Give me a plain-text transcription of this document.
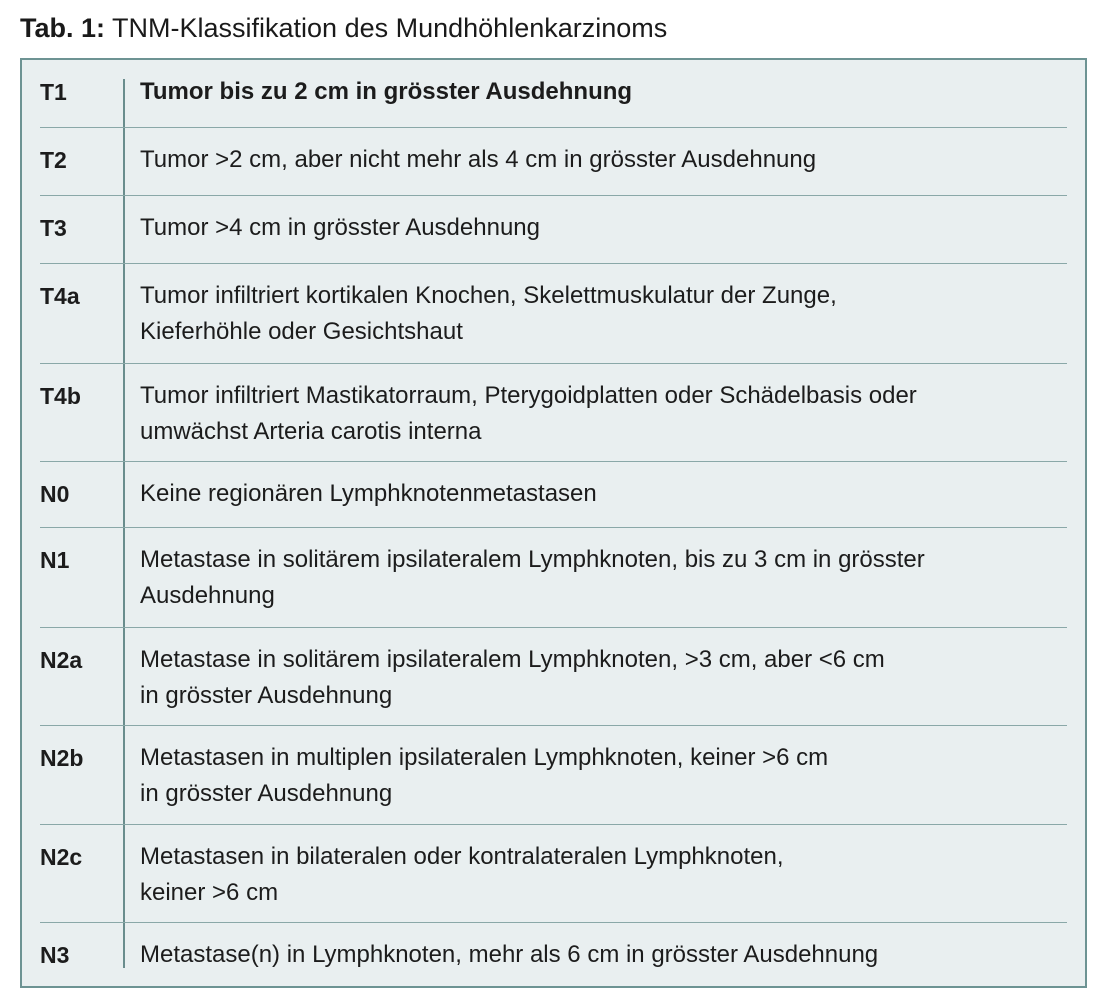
Tab. 1: TNM-Klassifikation des Mundhöhlenkarzinoms
T1	Tumor bis zu 2 cm in grösster Ausdehnung
T2	Tumor >2 cm, aber nicht mehr als 4 cm in grösster Ausdehnung
T3	Tumor >4 cm in grösster Ausdehnung
T4a	Tumor infiltriert kortikalen Knochen, Skelettmuskulatur der Zunge,
Kieferhöhle oder Gesichtshaut
T4b	Tumor infiltriert Mastikatorraum, Pterygoidplatten oder Schädelbasis oder
umwächst Arteria carotis interna
N0	Keine regionären Lymphknotenmetastasen
N1	Metastase in solitärem ipsilateralem Lymphknoten, bis zu 3 cm in grösster
Ausdehnung
N2a	Metastase in solitärem ipsilateralem Lymphknoten, >3 cm, aber <6 cm
in grösster Ausdehnung
N2b	Metastasen in multiplen ipsilateralen Lymphknoten, keiner >6 cm
in grösster Ausdehnung
N2c	Metastasen in bilateralen oder kontralateralen Lymphknoten,
keiner >6 cm
N3	Metastase(n) in Lymphknoten, mehr als 6 cm in grösster Ausdehnung
